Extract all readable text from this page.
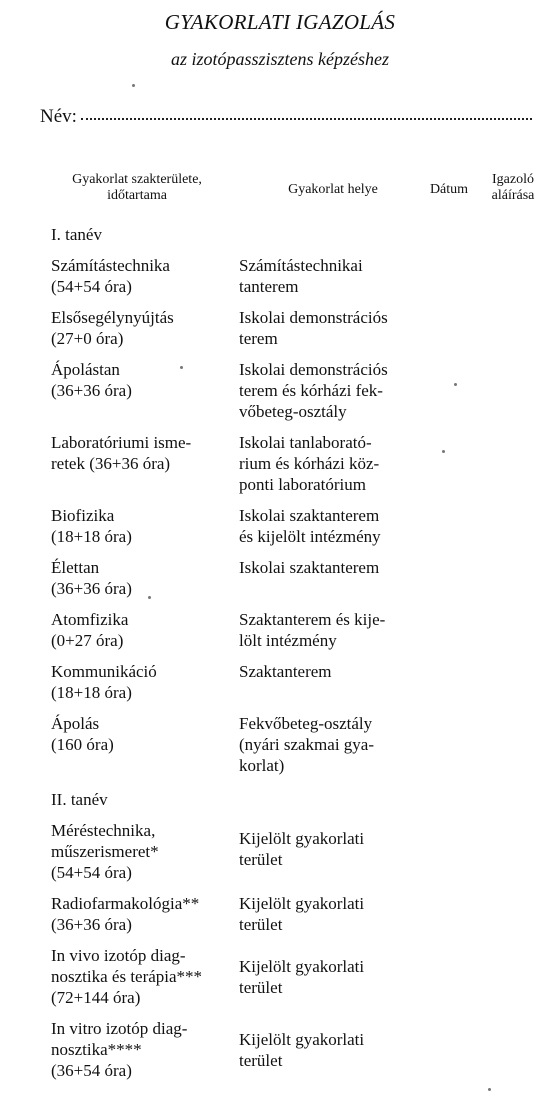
GYAKORLATI IGAZOLÁS
az izotópasszisztens képzéshez
Név:
Gyakorlat szakterülete,
időtartama	Gyakorlat helye	Dátum
Igazoló
aláírása
I. tanév
Számítástechnika
(54+54 óra)
Számítástechnikai
tanterem
Elsősegélynyújtás
(27+0 óra)
Iskolai demonstrációs
terem
Ápolástan
(36+36 óra)
Iskolai demonstrációs
terem és kórházi fek-
vőbeteg-osztály
Laboratóriumi isme-
retek (36+36 óra)
Iskolai tanlaborató-
rium és kórházi köz-
ponti laboratórium
Biofizika
(18+18 óra)
Iskolai szaktanterem
és kijelölt intézmény
Élettan
(36+36 óra)
Iskolai szaktanterem
Atomfizika
(0+27 óra)
Szaktanterem és kije-
lölt intézmény
Kommunikáció
(18+18 óra)
Szaktanterem
Ápolás
(160 óra)
Fekvőbeteg-osztály
(nyári szakmai gya-
korlat)
II. tanév
Méréstechnika,
műszerismeret*
(54+54 óra)
Kijelölt gyakorlati
terület
Radiofarmakológia**
(36+36 óra)
Kijelölt gyakorlati
terület
In vivo izotóp diag-
nosztika és terápia***
(72+144 óra)
Kijelölt gyakorlati
terület
In vitro izotóp diag-
nosztika****
(36+54 óra)
Kijelölt gyakorlati
terület
